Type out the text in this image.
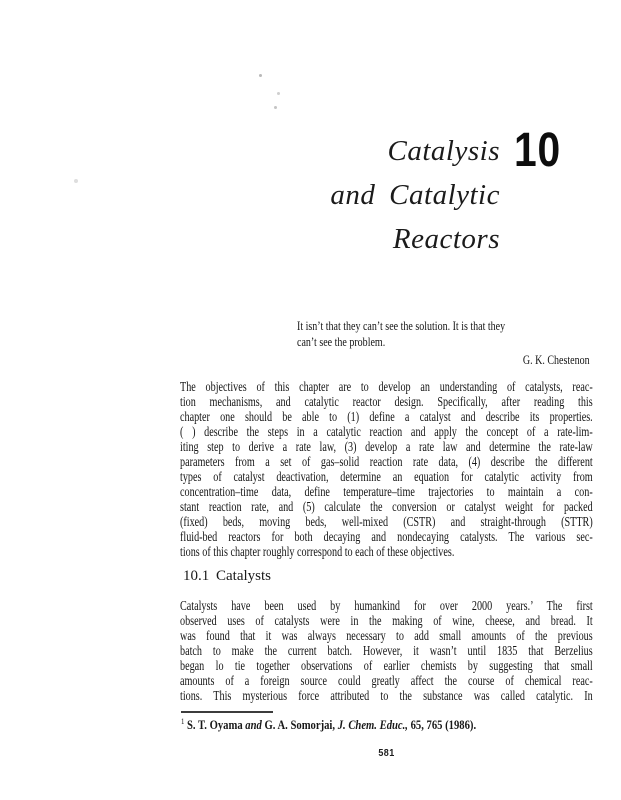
Catalysis
and Catalytic
Reactors
10
It isn’t that they can’t see the solution. It is that they
can’t see the problem.
G. K. Chestenon
The objectives of this chapter are to develop an understanding of catalysts, reac-
tion mechanisms, and catalytic reactor design. Specifically, after reading this
chapter one should be able to (1) define a catalyst and describe its properties.
( ) describe the steps in a catalytic reaction and apply the concept of a rate-lim-
iting step to derive a rate law, (3) develop a rate law and determine the rate-law
parameters from a set of gas–solid reaction rate data, (4) describe the different
types of catalyst deactivation, determine an equation for catalytic activity from
concentration–time data, define temperature–time trajectories to maintain a con-
stant reaction rate, and (5) calculate the conversion or catalyst weight for packed
(fixed) beds, moving beds, well-mixed (CSTR) and straight-through (STTR)
fluid-bed reactors for both decaying and nondecaying catalysts. The various sec-
tions of this chapter roughly correspond to each of these objectives.
10.1 Catalysts
Catalysts have been used by humankind for over 2000 years.’ The first
observed uses of catalysts were in the making of wine, cheese, and bread. It
was found that it was always necessary to add small amounts of the previous
batch to make the current batch. However, it wasn’t until 1835 that Berzelius
began lo tie together observations of earlier chemists by suggesting that small
amounts of a foreign source could greatly affect the course of chemical reac-
tions. This mysterious force attributed to the substance was called catalytic. In
$^1$ S. T. Oyama and G. A. Somorjai, J. Chem. Educ., 65, 765 (1986).
581
